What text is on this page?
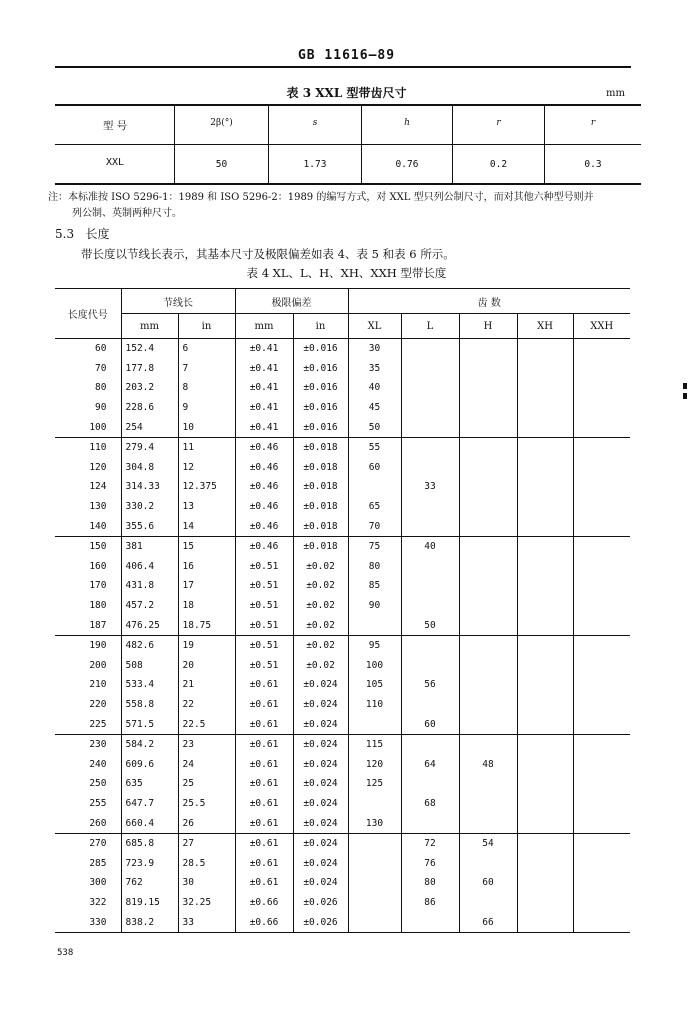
GB 11616—89
表 3 XXL 型带齿尺寸	mm
型 号	2β(°)	s	h	r	r
XXL	50	1.73	0.76	0.2	0.3
注：本标准按 ISO 5296-1：1989 和 ISO 5296-2：1989 的编写方式，对 XXL 型只列公制尺寸，而对其他六种型号则并
列公制、英制两种尺寸。
5.3 长度
带长度以节线长表示，其基本尺寸及极限偏差如表 4、表 5 和表 6 所示。
表 4 XL、L、H、XH、XXH 型带长度
长度代号	节线长		极限偏差		齿 数				
	mm	in	mm	in	XL	L	H	XH	XXH
60	152.4	6	±0.41	±0.016	30				
70	177.8	7	±0.41	±0.016	35				
80	203.2	8	±0.41	±0.016	40				
90	228.6	9	±0.41	±0.016	45				
100	254	10	±0.41	±0.016	50				
110	279.4	11	±0.46	±0.018	55				
120	304.8	12	±0.46	±0.018	60				
124	314.33	12.375	±0.46	±0.018		33			
130	330.2	13	±0.46	±0.018	65				
140	355.6	14	±0.46	±0.018	70				
150	381	15	±0.46	±0.018	75	40			
160	406.4	16	±0.51	±0.02	80				
170	431.8	17	±0.51	±0.02	85				
180	457.2	18	±0.51	±0.02	90				
187	476.25	18.75	±0.51	±0.02		50			
190	482.6	19	±0.51	±0.02	95				
200	508	20	±0.51	±0.02	100				
210	533.4	21	±0.61	±0.024	105	56			
220	558.8	22	±0.61	±0.024	110				
225	571.5	22.5	±0.61	±0.024		60			
230	584.2	23	±0.61	±0.024	115				
240	609.6	24	±0.61	±0.024	120	64	48		
250	635	25	±0.61	±0.024	125				
255	647.7	25.5	±0.61	±0.024		68			
260	660.4	26	±0.61	±0.024	130				
270	685.8	27	±0.61	±0.024		72	54		
285	723.9	28.5	±0.61	±0.024		76			
300	762	30	±0.61	±0.024		80	60		
322	819.15	32.25	±0.66	±0.026		86			
330	838.2	33	±0.66	±0.026			66		
538
